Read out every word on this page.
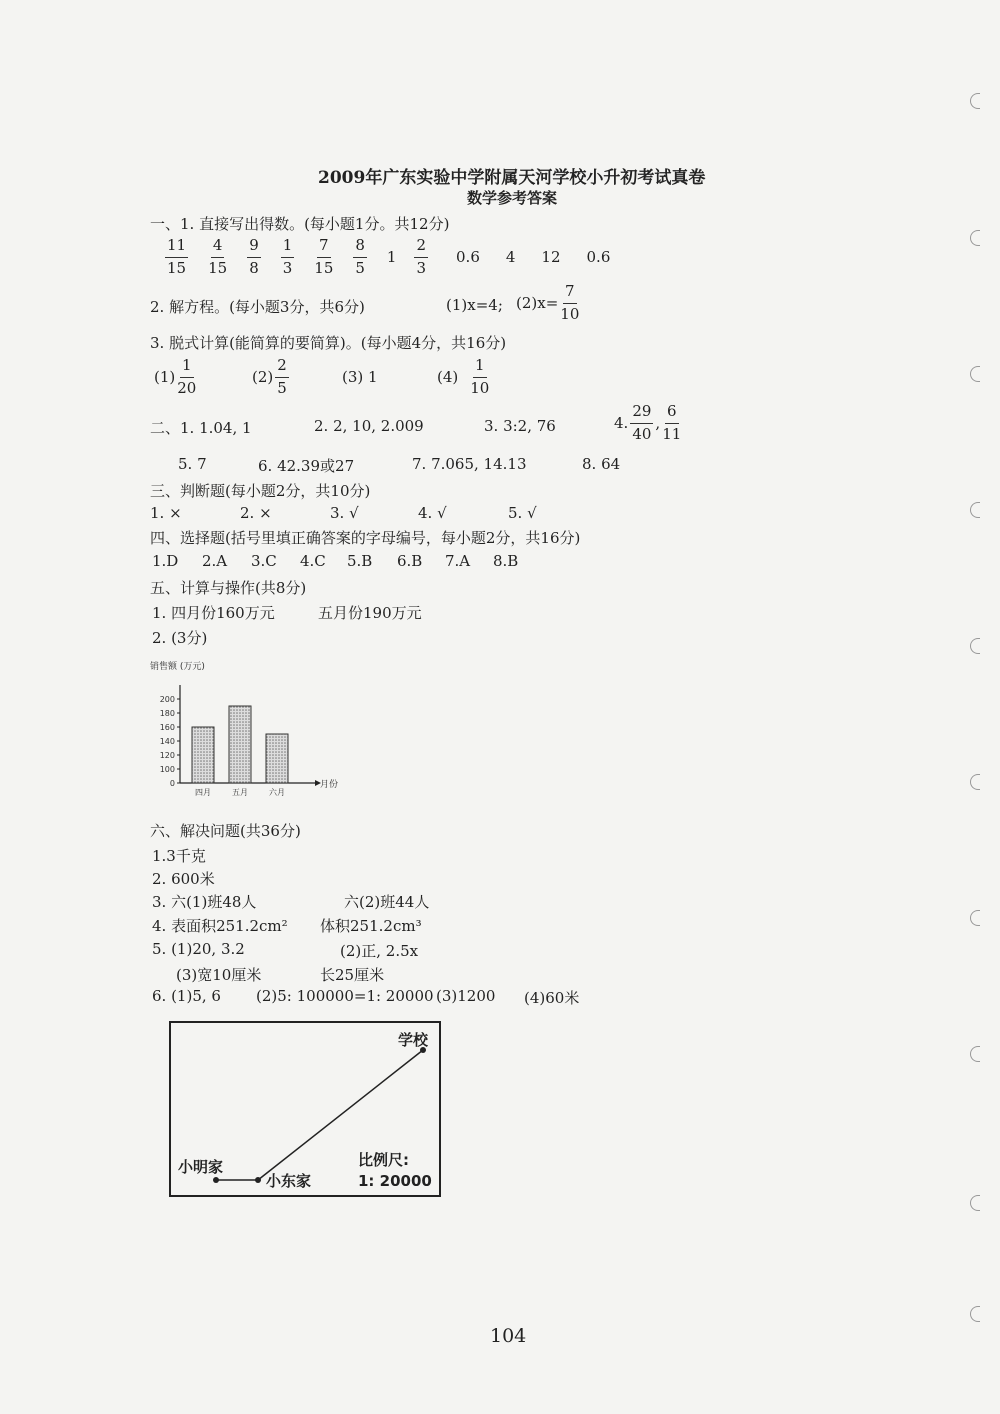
2009年广东实验中学附属天河学校小升初考试真卷
数学参考答案
一、1. 直接写出得数。(每小题1分。共12分)
$\frac{11}{15} \frac{4}{15} \frac{9}{8} \frac{1}{3} \frac{7}{15} \frac{8}{5} 1 \frac{2}{3} 0.6$ 4 12 0.6
2. 解方程。(每小题3分，共6分)	(1)x=4; $(2)x= \frac{7}{10}$
3. 脱式计算(能简算的要简算)。(每小题4分，共16分)
$(1) \frac{1}{20}$	$(2) \frac{2}{5}$	(3) 1	$(4) \frac{1}{10}$
二、1. 1.04, 1	2. 2, 10, 2.009	3. 3:2, 76	4. $\frac{29}{40}$ , $\frac{6}{11}$
5. 7	6. 42.39或27	7. 7.065, 14.13	8. 64
三、判断题(每小题2分，共10分)
1. ×	2. ×	3. √	4. √	5. √
四、选择题(括号里填正确答案的字母编号，每小题2分，共16分)
1.D 2.A 3.C 4.C 5.B 6.B 7.A 8.B
五、计算与操作(共8分)
1. 四月份160万元	五月份190万元
2. (3分)
销售额 (万元)
0
100
120
140
160
180
200
四月	五月	六月
月份
六、解决问题(共36分)
1.3千克
2. 600米
3. 六(1)班48人	六(2)班44人
4. 表面积251.2cm² 体积251.2cm³
5. (1)20, 3.2	(2)正, 2.5x
(3)宽10厘米	长25厘米
6. (1)5, 6 (2)5: 100000=1: 20000 (3)1200 (4)60米
学校
小明家
小东家
比例尺:
1: 20000
104
